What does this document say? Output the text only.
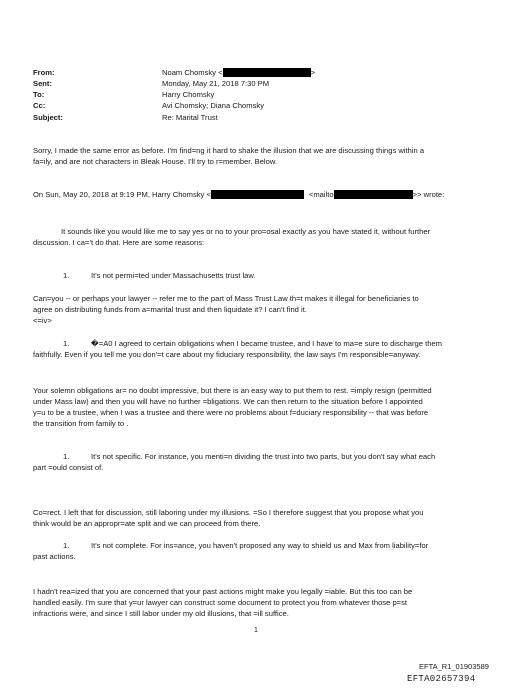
From:	Noam Chomsky <	>
Sent:	Monday, May 21, 2018 7:30 PM
To:	Harry Chomsky
Cc:	Avi Chomsky; Diana Chomsky
Subject:	Re: Marital Trust
Sorry, I made the same error as before. I'm find=ng it hard to shake the illusion that we are discussing things within a
fa=ily, and are not characters in Bleak House. I'll try to r=member. Below.
On Sun, May 20, 2018 at 9:19 PM, Harry Chomsky <	<mailto	>> wrote:
It sounds like you would like me to say yes or no to your pro=osal exactly as you have stated it, without further
discussion. I ca=’t do that. Here are some reasons:
1.	It's not permi=ted under Massachusetts trust law.
Can=you -- or perhaps your lawyer -- refer me to the part of Mass Trust Law th=t makes it illegal for beneficiaries to
agree on distributing funds from a=marital trust and then liquidate it? I can't find it.
<=iv>
1.	�=A0 I agreed to certain obligations when I became trustee, and I have to ma=e sure to discharge them
faithfully. Even if you tell me you don'=t care about my fiduciary responsibility, the law says I'm responsible=anyway.
Your solemn obligations ar= no doubt impressive, but there is an easy way to put them to rest. =imply resign (permitted
under Mass law) and then you will have no further =bligations. We can then return to the situation before I appointed
y=u to be a trustee, when I was a trustee and there were no problems about f=duciary responsibility -- that was before
the transition from family to .
1.	It's not specific. For instance, you menti=n dividing the trust into two parts, but you don't say what each
part =ould consist of.
Co=rect. I left that for discussion, still laboring under my illusions. =So I therefore suggest that you propose what you
think would be an appropr=ate split and we can proceed from there.
1.	It's not complete. For ins=ance, you haven't proposed any way to shield us and Max from liability=for
past actions.
I hadn't rea=ized that you are concerned that your past actions might make you legally =iable. But this too can be
handled easily. I'm sure that y=ur lawyer can construct some document to protect you from whatever those p=st
infractions were, and since I still labor under my old illusions, that =ill suffice.
1
EFTA_R1_01903589
EFTA02657394
